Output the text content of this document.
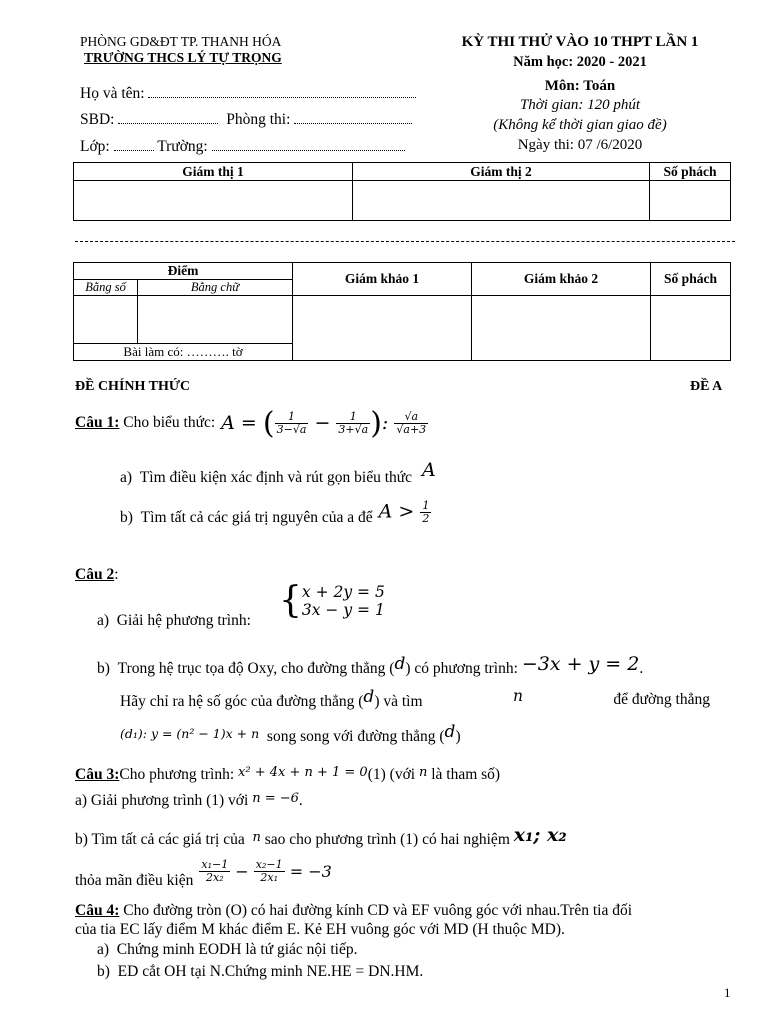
PHÒNG GD&ĐT TP. THANH HÓA
TRƯỜNG THCS LÝ TỰ TRỌNG
KỲ THI THỬ VÀO 10 THPT LẦN 1
Năm học: 2020 - 2021
Môn: Toán
Thời gian: 120 phút
(Không kể thời gian giao đề)
Ngày thi: 07 /6/2020
Họ và tên:
SBD:	Phòng thi:
Lớp:	Trường:
Giám thị 1	Giám thị 2	Số phách

Điểm		Giám khảo 1	Giám khảo 2	Số phách
Bằng số	Bằng chữ			

Bài làm có: ………. tờ				
ĐỀ CHÍNH THỨC	ĐỀ A
Câu 1:
Cho biểu thức: A = ( $\frac{1}{3-√a} - \frac{1}{3+√a}$ ) : $\frac{√a}{√a+3}$
a)  Tìm điều kiện xác định và rút gọn biểu thức  A
b) Tìm tất cả các giá trị nguyên của a để $A > \frac{1}{2}$
Câu 2:
a)  Giải hệ phương trình: { x + 2y = 5
3x − y = 1
b)  Trong hệ trục tọa độ Oxy, cho đường thẳng (d) có phương trình: −3x + y = 2.
Hãy chỉ ra hệ số góc của đường thẳng (d) và tìm	n	để đường thẳng
(d₁): y = (n² − 1)x + n song song với đường thẳng (d)
Câu 3:Cho phương trình: x² + 4x + n + 1 = 0(1) (với n là tham số)
a) Giải phương trình (1) với n = −6.
b) Tìm tất cả các giá trị của n sao cho phương trình (1) có hai nghiệm x₁; x₂
thỏa mãn điều kiện $\frac{\text{x₁−1}}{\text{2x₂}} - \frac{\text{x₂−1}}{\text{2x₁}}$
= −3
Câu 4: Cho đường tròn (O) có hai đường kính CD và EF vuông góc với nhau.Trên tia đối
của tia EC lấy điểm M khác điểm E. Kẻ EH vuông góc với MD (H thuộc MD).
a)  Chứng minh EODH là tứ giác nội tiếp.
b)  ED cắt OH tại N.Chứng minh NE.HE = DN.HM.
1
